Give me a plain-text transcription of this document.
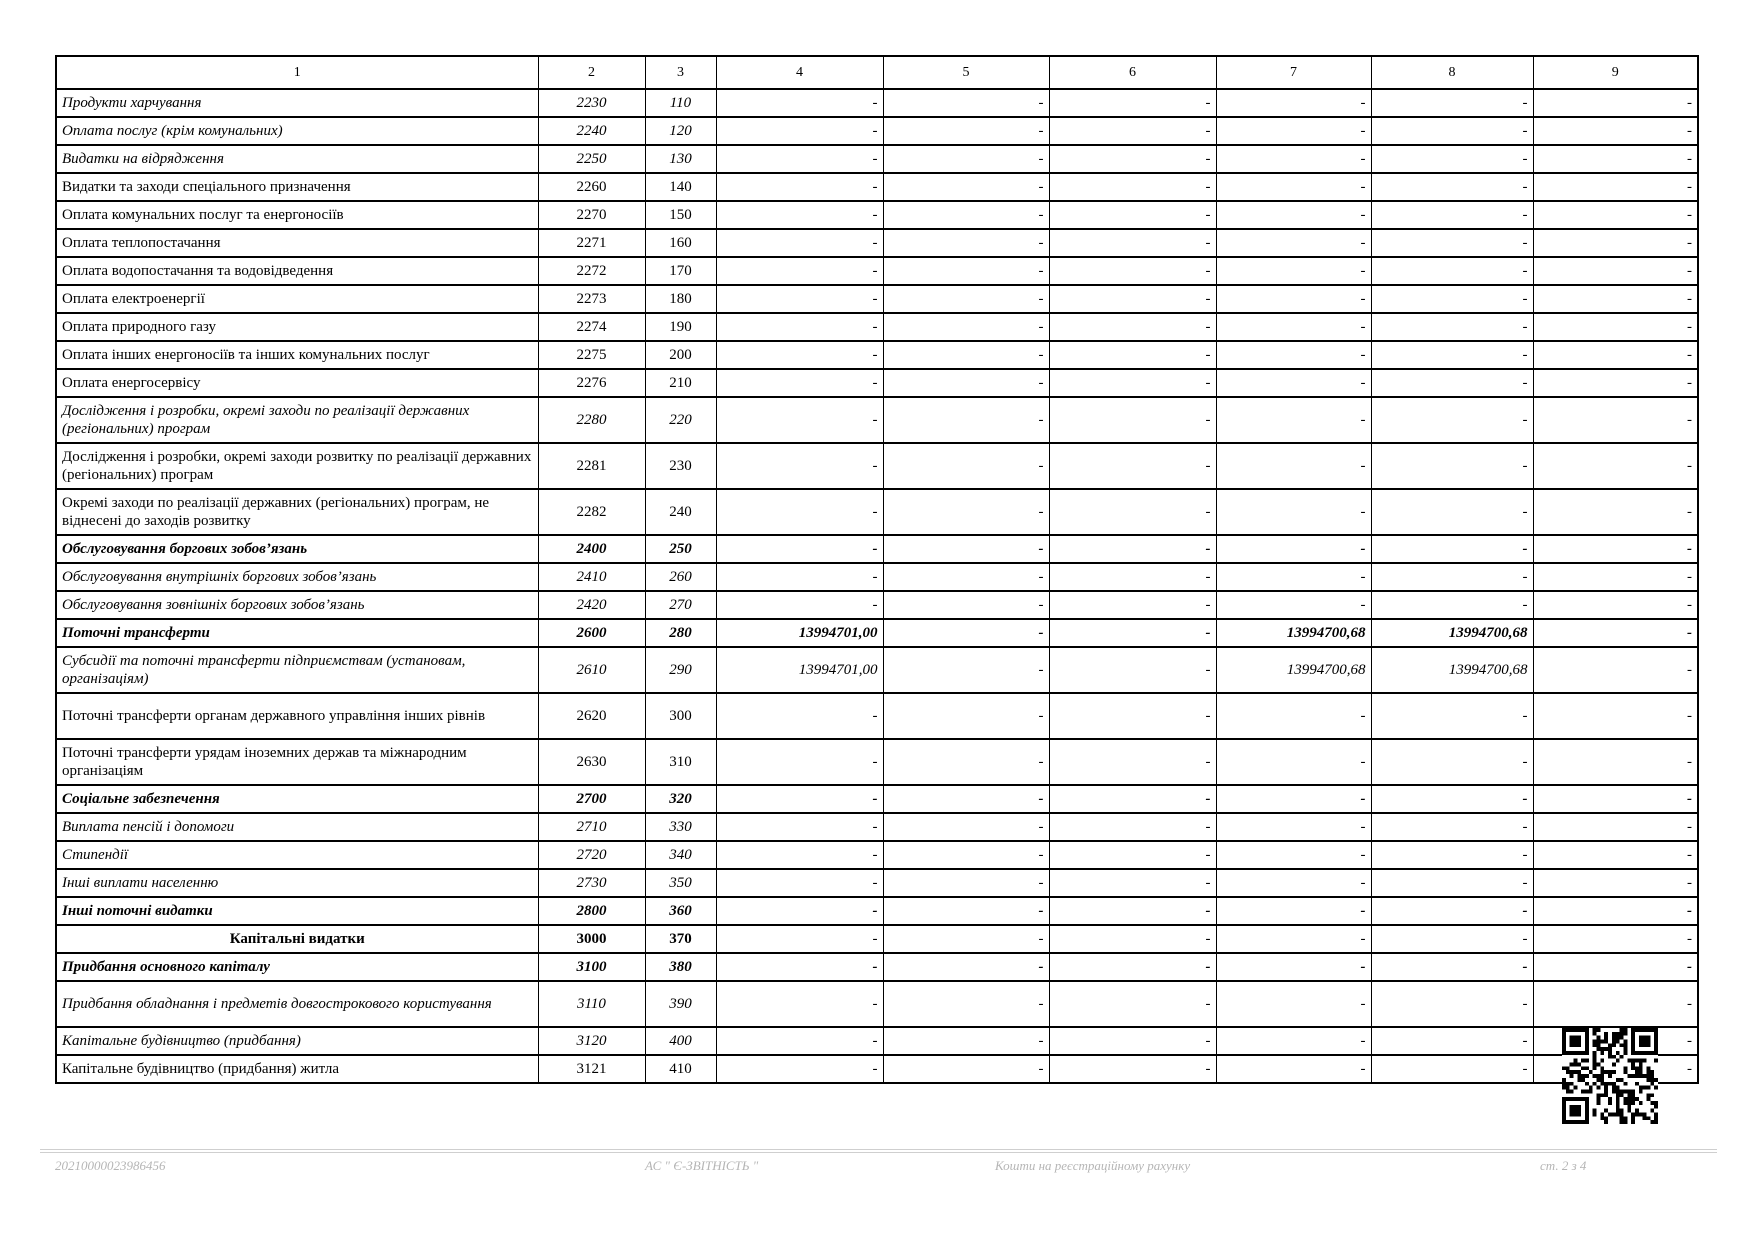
1	2	3	4	5	6	7	8	9
Продукти харчування	2230	110	-	-	-	-	-	-
Оплата послуг (крім комунальних)	2240	120	-	-	-	-	-	-
Видатки на відрядження	2250	130	-	-	-	-	-	-
Видатки та заходи спеціального призначення	2260	140	-	-	-	-	-	-
Оплата комунальних послуг та енергоносіїв	2270	150	-	-	-	-	-	-
Оплата теплопостачання	2271	160	-	-	-	-	-	-
Оплата водопостачання та водовідведення	2272	170	-	-	-	-	-	-
Оплата електроенергії	2273	180	-	-	-	-	-	-
Оплата природного газу	2274	190	-	-	-	-	-	-
Оплата інших енергоносіїв та інших комунальних послуг	2275	200	-	-	-	-	-	-
Оплата енергосервісу	2276	210	-	-	-	-	-	-
Дослідження і розробки, окремі заходи по реалізації державних (регіональних) програм	2280	220	-	-	-	-	-	-
Дослідження і розробки, окремі заходи розвитку по реалізації державних (регіональних) програм	2281	230	-	-	-	-	-	-
Окремі заходи по реалізації державних (регіональних) програм, не віднесені до заходів розвитку	2282	240	-	-	-	-	-	-
Обслуговування боргових зобов’язань	2400	250	-	-	-	-	-	-
Обслуговування внутрішніх боргових зобов’язань	2410	260	-	-	-	-	-	-
Обслуговування зовнішніх боргових зобов’язань	2420	270	-	-	-	-	-	-
Поточні трансферти	2600	280	13994701,00	-	-	13994700,68	13994700,68	-
Субсидії та поточні трансферти підприємствам (установам, організаціям)	2610	290	13994701,00	-	-	13994700,68	13994700,68	-
Поточні трансферти органам державного управління інших рівнів	2620	300	-	-	-	-	-	-
Поточні трансферти урядам іноземних держав та міжнародним організаціям	2630	310	-	-	-	-	-	-
Соціальне забезпечення	2700	320	-	-	-	-	-	-
Виплата пенсій і допомоги	2710	330	-	-	-	-	-	-
Стипендії	2720	340	-	-	-	-	-	-
Інші виплати населенню	2730	350	-	-	-	-	-	-
Інші поточні видатки	2800	360	-	-	-	-	-	-
Капітальні видатки	3000	370	-	-	-	-	-	-
Придбання основного капіталу	3100	380	-	-	-	-	-	-
Придбання обладнання і предметів довгострокового користування	3110	390	-	-	-	-	-	-
Капітальне будівництво (придбання)	3120	400	-	-	-	-	-	-
Капітальне будівництво (придбання) житла	3121	410	-	-	-	-	-	-
20210000023986456	АС " Є-ЗВІТНІСТЬ "	Кошти на реєстраційному рахунку	ст. 2 з 4
